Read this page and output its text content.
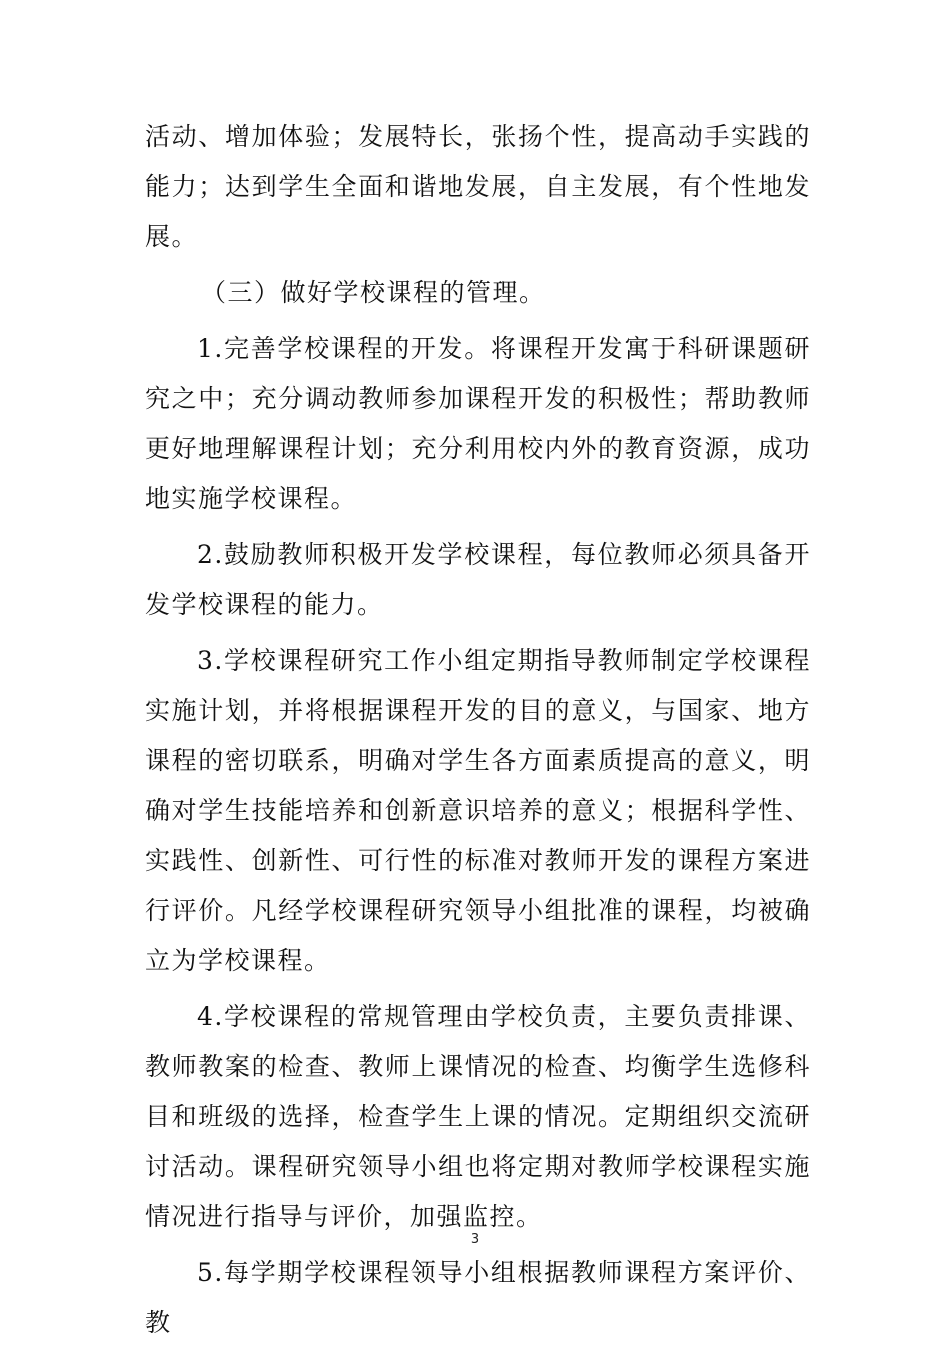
活动、增加体验；发展特长，张扬个性，提高动手实践的能力；达到学生全面和谐地发展，自主发展，有个性地发展。

（三）做好学校课程的管理。

1.完善学校课程的开发。将课程开发寓于科研课题研究之中；充分调动教师参加课程开发的积极性；帮助教师更好地理解课程计划；充分利用校内外的教育资源，成功地实施学校课程。

2.鼓励教师积极开发学校课程，每位教师必须具备开发学校课程的能力。

3.学校课程研究工作小组定期指导教师制定学校课程实施计划，并将根据课程开发的目的意义，与国家、地方课程的密切联系，明确对学生各方面素质提高的意义，明确对学生技能培养和创新意识培养的意义；根据科学性、实践性、创新性、可行性的标准对教师开发的课程方案进行评价。凡经学校课程研究领导小组批准的课程，均被确立为学校课程。

4.学校课程的常规管理由学校负责，主要负责排课、教师教案的检查、教师上课情况的检查、均衡学生选修科目和班级的选择，检查学生上课的情况。定期组织交流研讨活动。课程研究领导小组也将定期对教师学校课程实施情况进行指导与评价，加强监控。

5.每学期学校课程领导小组根据教师课程方案评价、教

3
